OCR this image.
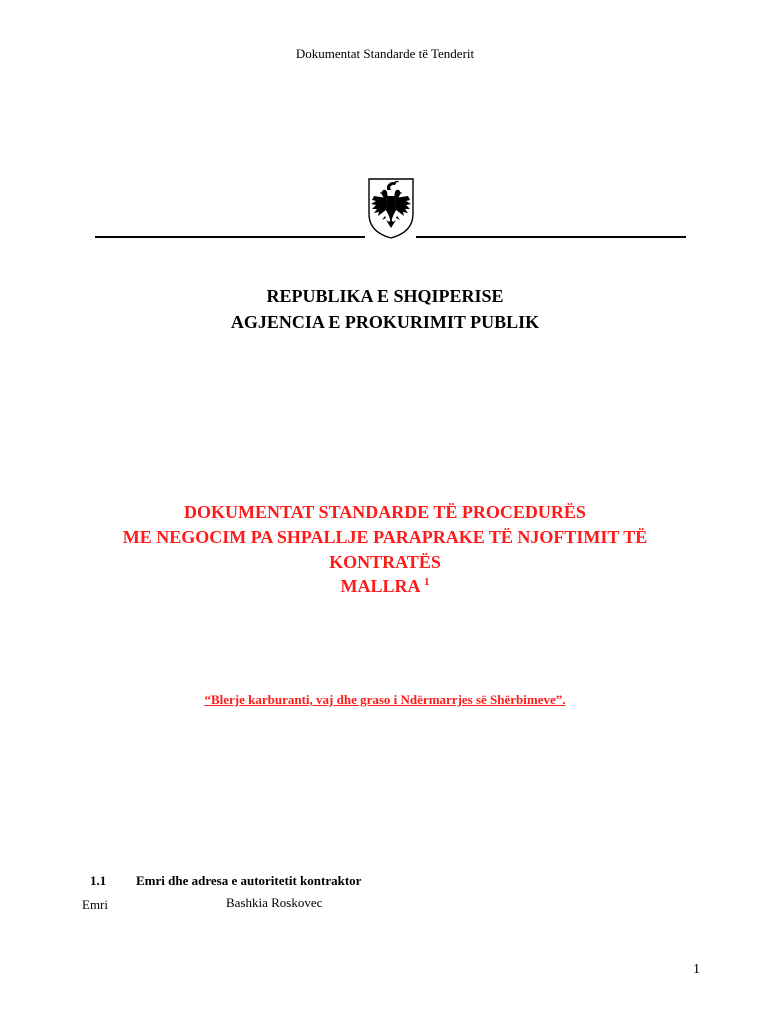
Dokumentat Standarde të Tenderit
REPUBLIKA E SHQIPERISE
AGJENCIA E PROKURIMIT PUBLIK
DOKUMENTAT STANDARDE TË PROCEDURËS
ME NEGOCIM PA SHPALLJE PARAPRAKE TË NJOFTIMIT TË
KONTRATËS
MALLRA $^1$
“Blerje karburanti, vaj dhe graso i Ndërmarrjes së Shërbimeve”.
1.1 Emri dhe adresa e autoritetit kontraktor
Emri	Bashkia Roskovec
1
